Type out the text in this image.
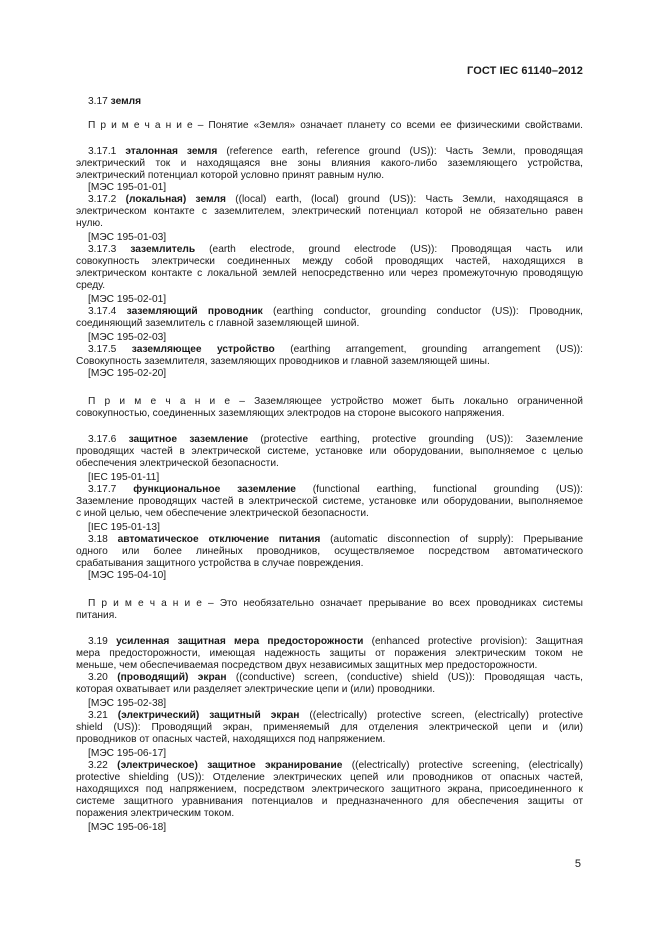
ГОСТ IEC 61140–2012
3.17 земля
П р и м е ч а н и е – Понятие «Земля» означает планету со всеми ее физическими свойствами.
3.17.1 эталонная земля (reference earth, reference ground (US)): Часть Земли, проводящая
электрический ток и находящаяся вне зоны влияния какого-либо заземляющего устройства,
электрический потенциал которой условно принят равным нулю.
[МЭС 195-01-01]
3.17.2 (локальная) земля ((local) earth, (local) ground (US)): Часть Земли, находящаяся в
электрическом контакте с заземлителем, электрический потенциал которой не обязательно равен
нулю.
[МЭС 195-01-03]
3.17.3 заземлитель (earth electrode, ground electrode (US)): Проводящая часть или
совокупность электрически соединенных между собой проводящих частей, находящихся в
электрическом контакте с локальной землей непосредственно или через промежуточную проводящую
среду.
[МЭС 195-02-01]
3.17.4 заземляющий проводник (earthing conductor, grounding conductor (US)): Проводник,
соединяющий заземлитель с главной заземляющей шиной.
[МЭС 195-02-03]
3.17.5 заземляющее устройство (earthing arrangement, grounding arrangement (US)):
Совокупность заземлителя, заземляющих проводников и главной заземляющей шины.
[МЭС 195-02-20]
П р и м е ч а н и е – Заземляющее устройство может быть локально ограниченной
совокупностью, соединенных заземляющих электродов на стороне высокого напряжения.
3.17.6 защитное заземление (protective earthing, protective grounding (US)): Заземление
проводящих частей в электрической системе, установке или оборудовании, выполняемое с целью
обеспечения электрической безопасности.
[IEC 195-01-11]
3.17.7 функциональное заземление (functional earthing, functional grounding (US)):
Заземление проводящих частей в электрической системе, установке или оборудовании, выполняемое
с иной целью, чем обеспечение электрической безопасности.
[IEC 195-01-13]
3.18 автоматическое отключение питания (automatic disconnection of supply): Прерывание
одного или более линейных проводников, осуществляемое посредством автоматического
срабатывания защитного устройства в случае повреждения.
[МЭС 195-04-10]
П р и м е ч а н и е – Это необязательно означает прерывание во всех проводниках системы
питания.
3.19 усиленная защитная мера предосторожности (enhanced protective provision): Защитная
мера предосторожности, имеющая надежность защиты от поражения электрическим током не
меньше, чем обеспечиваемая посредством двух независимых защитных мер предосторожности.
3.20 (проводящий) экран ((conductive) screen, (conductive) shield (US)): Проводящая часть,
которая охватывает или разделяет электрические цепи и (или) проводники.
[МЭС 195-02-38]
3.21 (электрический) защитный экран ((electrically) protective screen, (electrically) protective
shield (US)): Проводящий экран, применяемый для отделения электрической цепи и (или)
проводников от опасных частей, находящихся под напряжением.
[МЭС 195-06-17]
3.22 (электрическое) защитное экранирование ((electrically) protective screening, (electrically)
protective shielding (US)): Отделение электрических цепей или проводников от опасных частей,
находящихся под напряжением, посредством электрического защитного экрана, присоединенного к
системе защитного уравнивания потенциалов и предназначенного для обеспечения защиты от
поражения электрическим током.
[МЭС 195-06-18]
5
